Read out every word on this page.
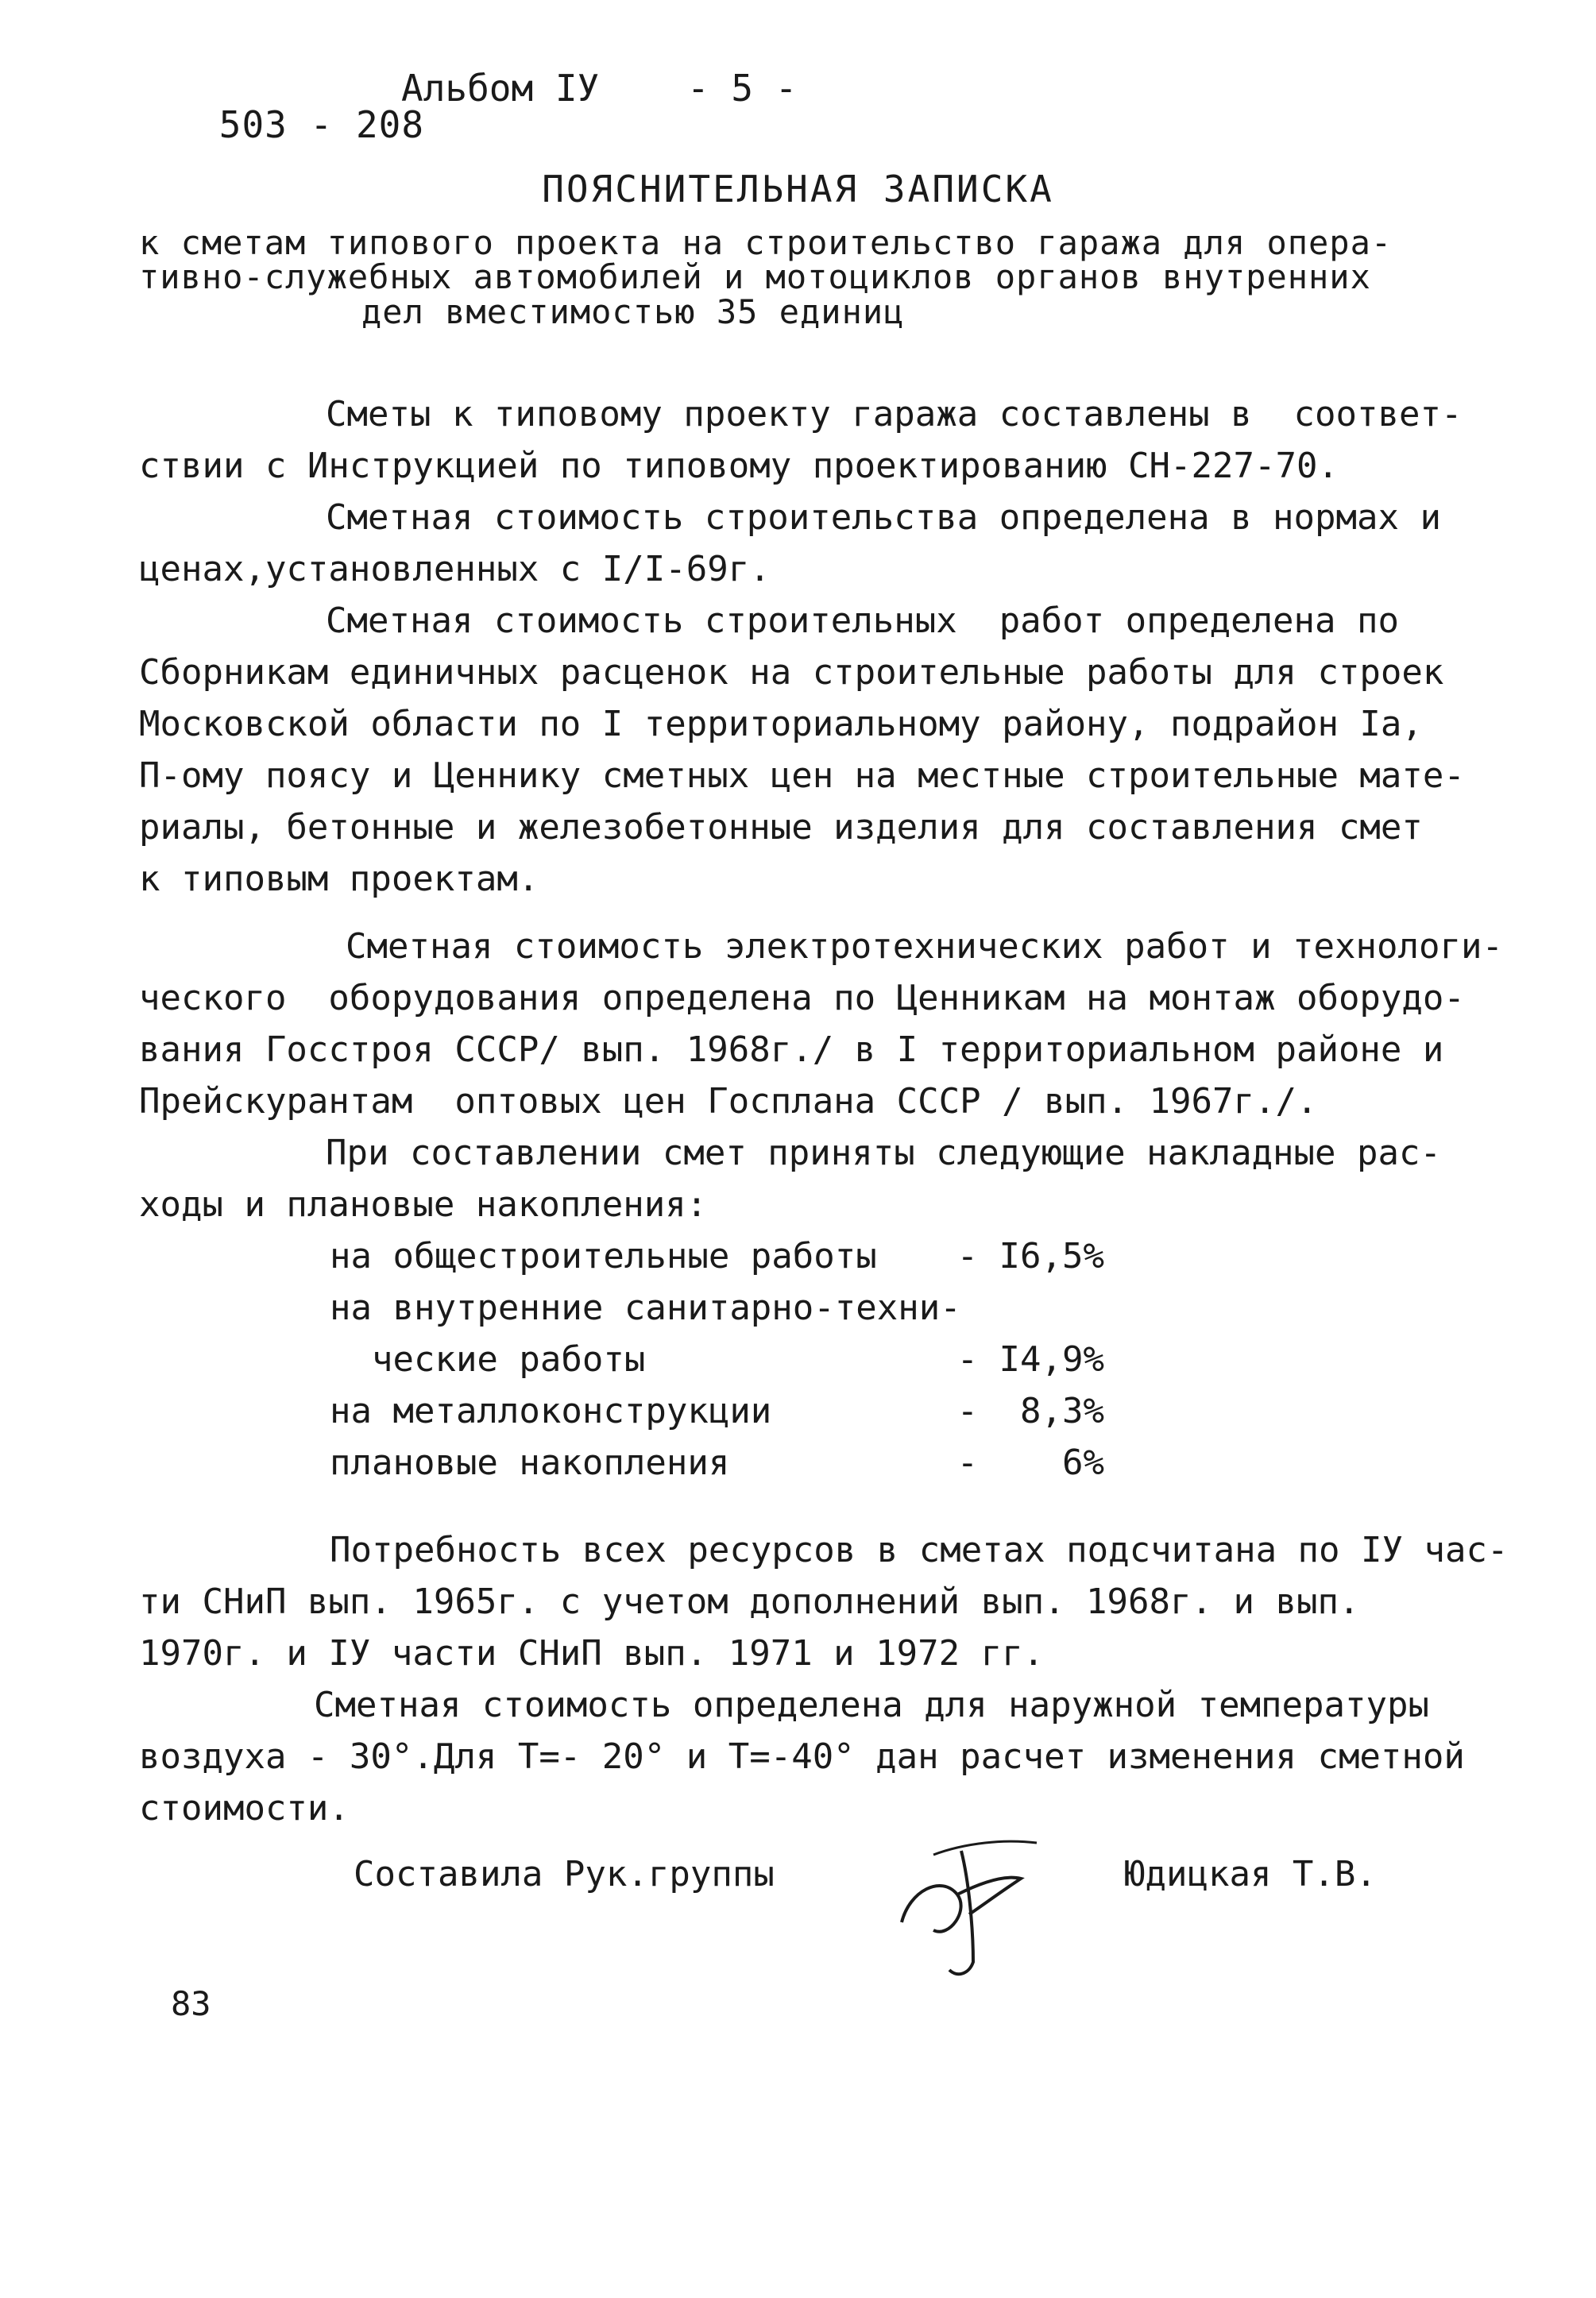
503 - 208

Альбом IУ

- 5 -

ПОЯСНИТЕЛЬНАЯ ЗАПИСКА
к сметам типового проекта на строительство гаража для опера-
тивно-служебных автомобилей и мотоциклов органов внутренних
дел вместимостью 35 единиц
Сметы к типовому проекту гаража составлены в  соответ-
ствии с Инструкцией по типовому проектированию СН-227-70.
Сметная стоимость строительства определена в нормах и
ценах,установленных с I/I-69г.
Сметная стоимость строительных  работ определена по
Сборникам единичных расценок на строительные работы для строек
Московской области по I территориальному району, подрайон Iа,
П-ому поясу и Ценнику сметных цен на местные строительные мате-
риалы, бетонные и железобетонные изделия для составления смет
к типовым проектам.
Сметная стоимость электротехнических работ и технологи-
ческого  оборудования определена по Ценникам на монтаж оборудо-
вания Госстроя СССР/ вып. 1968г./ в I территориальном районе и
Прейскурантам  оптовых цен Госплана СССР / вып. 1967г./.
При составлении смет приняты следующие накладные рас-
ходы и плановые накопления:
на общестроительные работы	- I6,5%
на внутренние санитарно-техни-
ческие работы	- I4,9%
на металлоконструкции	-  8,3%
плановые накопления	-    6%
Потребность всех ресурсов в сметах подсчитана по IУ час-
ти СНиП вып. 1965г. с учетом дополнений вып. 1968г. и вып.
1970г. и IУ части СНиП вып. 1971 и 1972 гг.
Сметная стоимость определена для наружной температуры
воздуха - 30°.Для Т=- 20° и Т=-40° дан расчет изменения сметной
стоимости.
Составила Рук.группы	Юдицкая Т.В.
83
